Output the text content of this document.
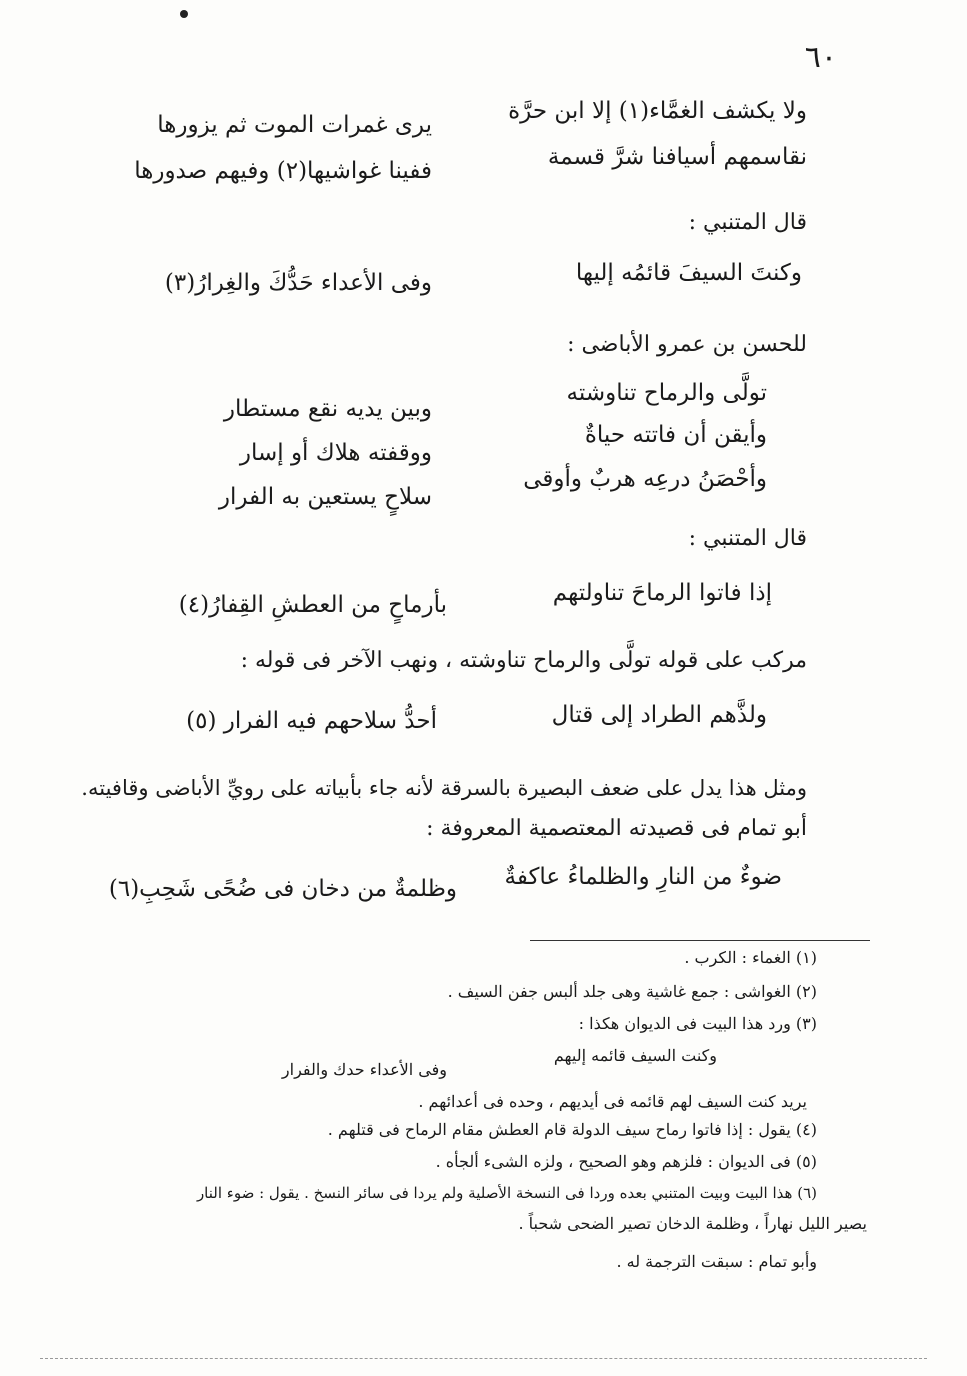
٦٠
ولا يكشف الغمَّاء(١) إلا ابن حرَّة
يرى غمرات الموت ثم يزورها
نقاسمهم أسيافنا شرَّ قسمة
ففينا غواشيها(٢) وفيهم صدورها
قال المتنبي :
وكنتَ السيفَ قائمُه إليها
وفى الأعداء حَدُّكَ والغِرارُ(٣)
للحسن بن عمرو الأباضى :
تولَّى والرماح تناوشته
وبين يديه نقع مستطار
وأيقن أن فاتته حياةٌ
ووقفته هلاك أو إسار
وأحْصَنُ درعِه هربٌ وأوقى
سلاحٍ يستعين به الفرار
قال المتنبي :
إذا فاتوا الرماحَ تناولتهم
بأرماحٍ من العطشِ القِفارُ(٤)
مركب على قوله تولَّى والرماح تناوشته ، ونهب الآخر فى قوله :
ولذَّهم الطراد إلى قتال
أحدُّ سلاحهم فيه الفرار (٥)
ومثل هذا يدل على ضعف البصيرة بالسرقة لأنه جاء بأبياته على رويِّ الأباضى وقافيته.
أبو تمام فى قصيدته المعتصمية المعروفة :
ضوءٌ من النارِ والظلماءُ عاكفةٌ
وظلمةٌ من دخان فى ضُحًى شَحِبِ(٦)
(١) الغماء : الكرب .
(٢) الغواشى : جمع غاشية وهى جلد ألبس جفن السيف .
(٣) ورد هذا البيت فى الديوان هكذا :
وكنت السيف قائمه إليهم
وفى الأعداء حدك والفرار
يريد كنت السيف لهم قائمه فى أيديهم ، وحده فى أعدائهم .
(٤) يقول : إذا فاتوا رماح سيف الدولة قام العطش مقام الرماح فى قتلهم .
(٥) فى الديوان : فلزهم وهو الصحيح ، ولزه الشىء ألجأه .
(٦) هذا البيت وبيت المتنبي بعده وردا فى النسخة الأصلية ولم يردا فى سائر النسخ . يقول : ضوء النار
يصير الليل نهاراً ، وظلمة الدخان تصير الضحى شحباً .
وأبو تمام : سبقت الترجمة له .
